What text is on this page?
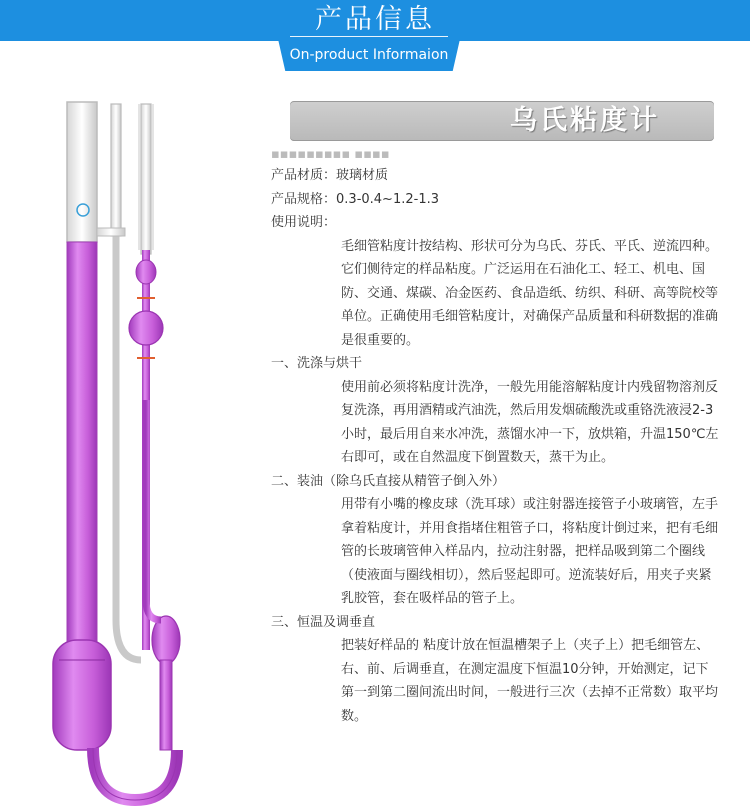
产品信息
On-product Informaion
乌氏粘度计
▪▪▪▪▪▪▪▪▪ ▪▪▪▪
产品材质：玻璃材质
产品规格：0.3-0.4~1.2-1.3
使用说明：
毛细管粘度计按结构、形状可分为乌氏、芬氏、平氏、逆流四种。
它们侧待定的样品粘度。广泛运用在石油化工、轻工、机电、国防、交通、煤碳、冶金医药、食品造纸、纺织、科研、高等院校等单位。正确使用毛细管粘度计，对确保产品质量和科研数据的准确是很重要的。
一、洗涤与烘干
使用前必须将粘度计洗净，一般先用能溶解粘度计内残留物溶剂反复洗涤，再用酒精或汽油洗，然后用发烟硫酸洗或重铬洗液浸2-3小时，最后用自来水冲洗，蒸馏水冲一下，放烘箱，升温150℃左右即可，或在自然温度下倒置数天，蒸干为止。
二、装油（除乌氏直接从精管子倒入外）
用带有小嘴的橡皮球（洗耳球）或注射器连接管子小玻璃管，左手拿着粘度计，并用食指堵住粗管子口，将粘度计倒过来，把有毛细管的长玻璃管伸入样品内，拉动注射器，把样品吸到第二个圈线（使液面与圈线相切），然后竖起即可。逆流装好后，用夹子夹紧乳胶管，套在吸样品的管子上。
三、恒温及调垂直
把装好样品的 粘度计放在恒温槽架子上（夹子上）把毛细管左、右、前、后调垂直，在测定温度下恒温10分钟，开始测定，记下第一到第二圈间流出时间，一般进行三次（去掉不正常数）取平均数。
